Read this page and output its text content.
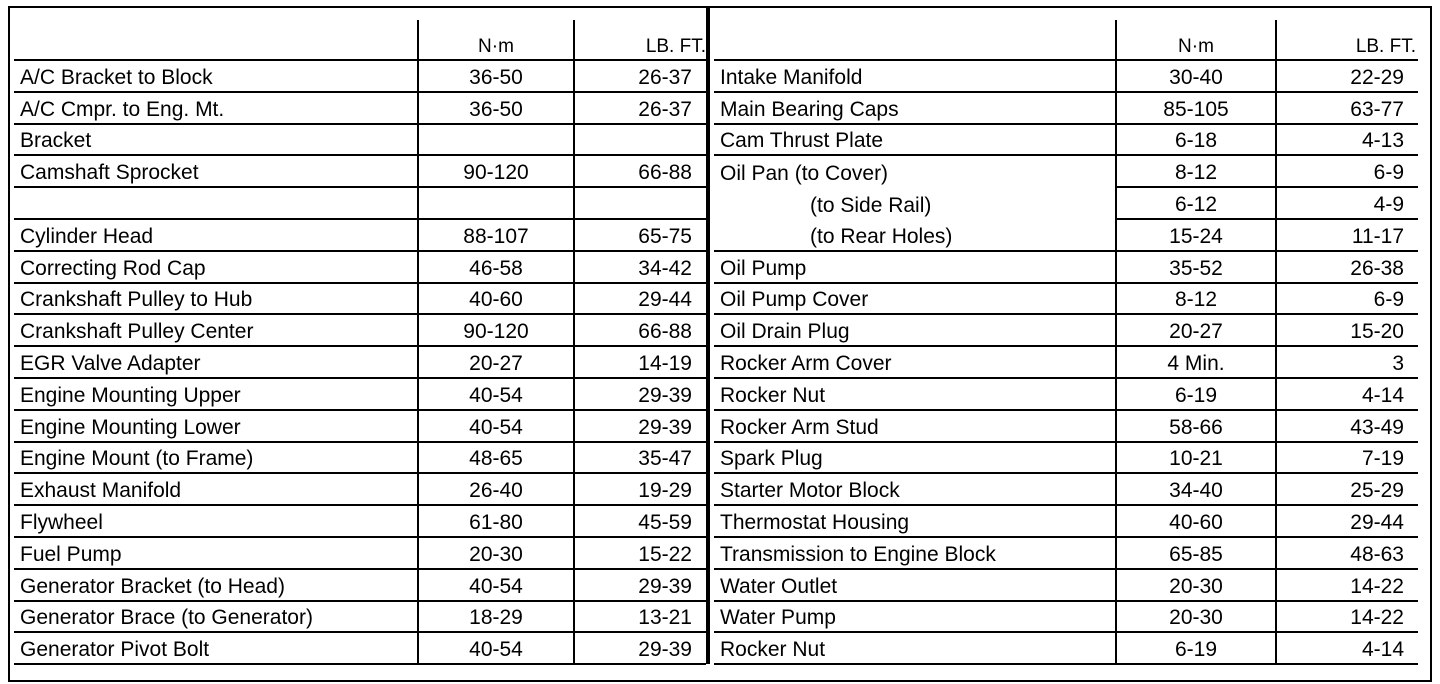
	N·m	LB. FT.
A/C Bracket to Block	36-50	26-37
A/C Cmpr. to Eng. Mt.	36-50	26-37
Bracket		
Camshaft Sprocket	90-120	66-88

Cylinder Head	88-107	65-75
Correcting Rod Cap	46-58	34-42
Crankshaft Pulley to Hub	40-60	29-44
Crankshaft Pulley Center	90-120	66-88
EGR Valve Adapter	20-27	14-19
Engine Mounting Upper	40-54	29-39
Engine Mounting Lower	40-54	29-39
Engine Mount (to Frame)	48-65	35-47
Exhaust Manifold	26-40	19-29
Flywheel	61-80	45-59
Fuel Pump	20-30	15-22
Generator Bracket (to Head)	40-54	29-39
Generator Brace (to Generator)	18-29	13-21
Generator Pivot Bolt	40-54	29-39
	N·m	LB. FT.
Intake Manifold	30-40	22-29
Main Bearing Caps	85-105	63-77
Cam Thrust Plate	6-18	4-13
Oil Pan (to Cover)	8-12	6-9
(to Side Rail)	6-12	4-9
(to Rear Holes)	15-24	11-17
Oil Pump	35-52	26-38
Oil Pump Cover	8-12	6-9
Oil Drain Plug	20-27	15-20
Rocker Arm Cover	4 Min.	3
Rocker Nut	6-19	4-14
Rocker Arm Stud	58-66	43-49
Spark Plug	10-21	7-19
Starter Motor Block	34-40	25-29
Thermostat Housing	40-60	29-44
Transmission to Engine Block	65-85	48-63
Water Outlet	20-30	14-22
Water Pump	20-30	14-22
Rocker Nut	6-19	4-14
